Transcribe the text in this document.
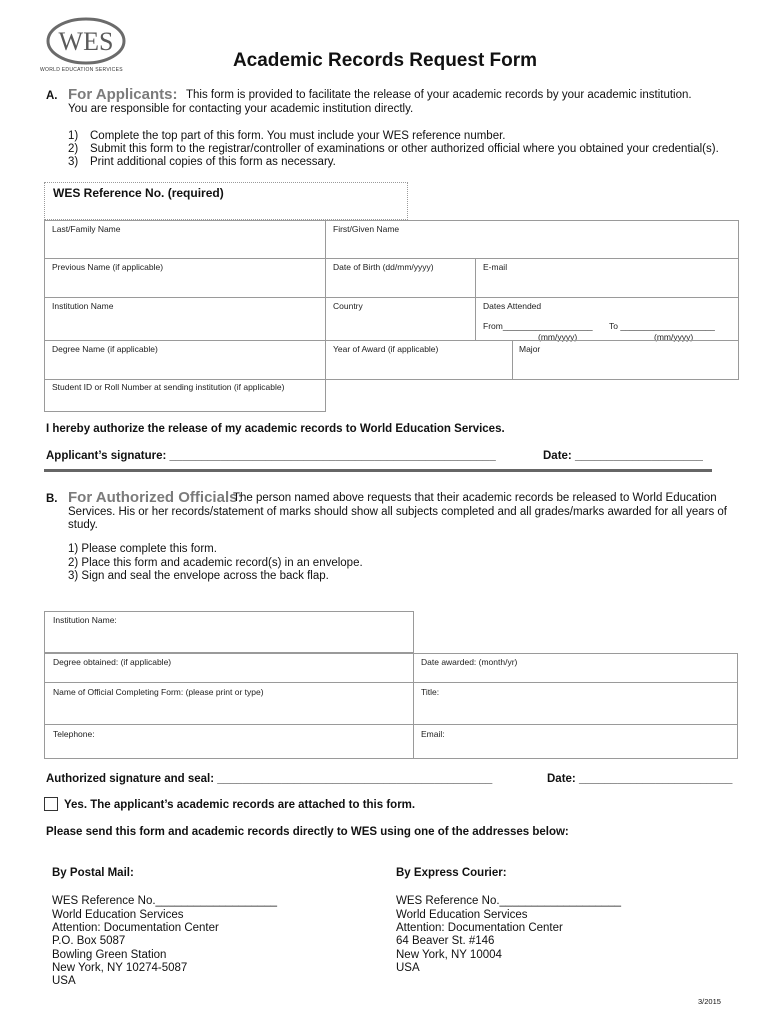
WES
WORLD EDUCATION SERVICES	Academic Records Request Form
A. For Applicants: This form is provided to facilitate the release of your academic records by your academic institution.
You are responsible for contacting your academic institution directly.
1) Complete the top part of this form. You must include your WES reference number.
2) Submit this form to the registrar/controller of examinations or other authorized official where you obtained your credential(s).
3) Print additional copies of this form as necessary.
WES Reference No. (required)
Last/Family Name	First/Given Name
Previous Name (if applicable)	Date of Birth (dd/mm/yyyy)	E-mail
Institution Name	Country	Dates Attended
From___________________ To ____________________
(mm/yyyy)	(mm/yyyy)
Degree Name (if applicable)	Year of Award (if applicable)	Major
Student ID or Roll Number at sending institution (if applicable)
I hereby authorize the release of my academic records to World Education Services.
Applicant’s signature: ___________________________________________________	Date: ____________________
B. For Authorized Officials:
The person named above requests that their academic records be released to World Education
Services. His or her records/statement of marks should show all subjects completed and all grades/marks awarded for all years of
study.
1) Please complete this form.
2) Place this form and academic record(s) in an envelope.
3) Sign and seal the envelope across the back flap.
Institution Name:
Degree obtained: (if applicable)	Date awarded: (month/yr)
Name of Official Completing Form: (please print or type)	Title:
Telephone:	Email:
Authorized signature and seal: ___________________________________________	Date: ________________________
Yes. The applicant’s academic records are attached to this form.
Please send this form and academic records directly to WES using one of the addresses below:
By Postal Mail:
WES Reference No.___________________
World Education Services
Attention: Documentation Center
P.O. Box 5087
Bowling Green Station
New York, NY 10274-5087
USA
By Express Courier:
WES Reference No.___________________
World Education Services
Attention: Documentation Center
64 Beaver St. #146
New York, NY 10004
USA
3/2015
